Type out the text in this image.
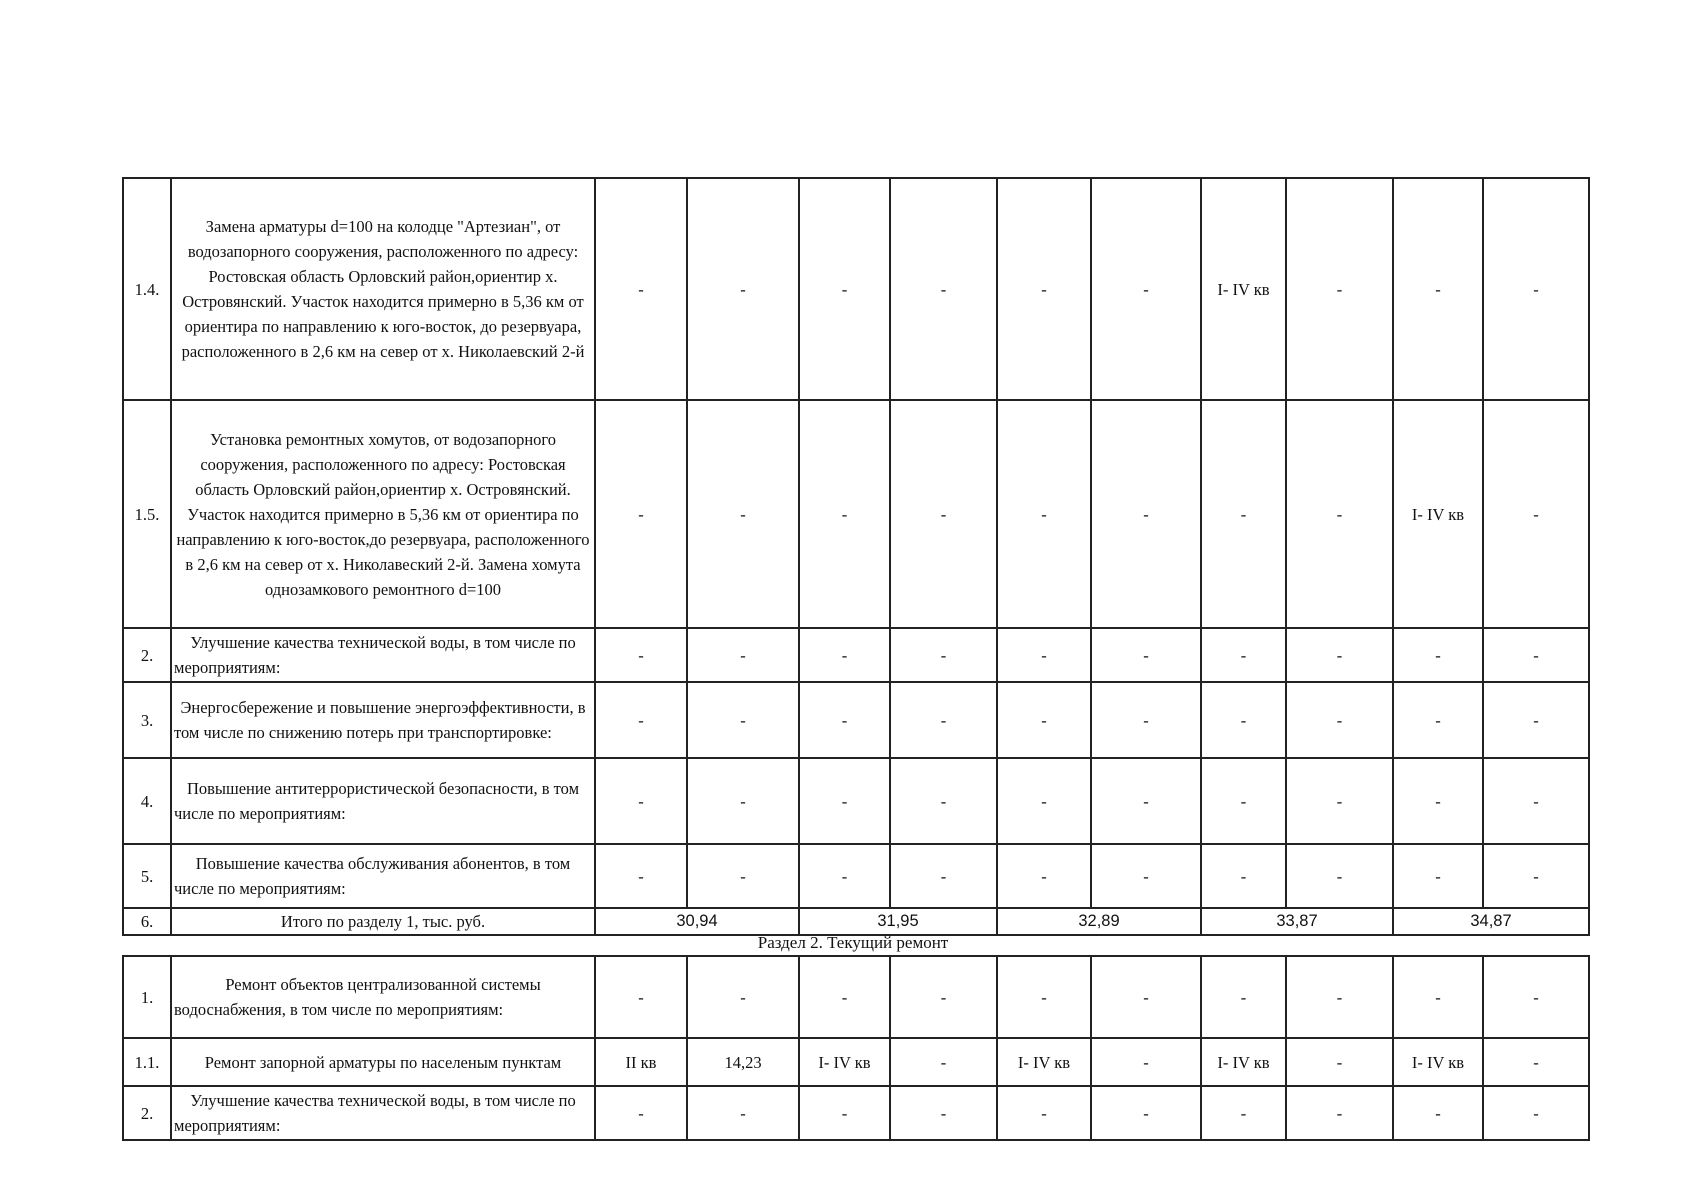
1.4.	Замена арматуры d=100 на колодце "Артезиан", от водозапорного сооружения, расположенного по адресу: Ростовская область Орловский район,ориентир х. Островянский. Участок находится примерно в 5,36 км от ориентира по направлению к юго-восток, до резервуара, расположенного в 2,6 км на север от х. Николаевский 2-й	-	-	-	-	-	-	I- IV кв	-	-	-
1.5.	Установка ремонтных хомутов, от водозапорного сооружения, расположенного по адресу: Ростовская область Орловский район,ориентир х. Островянский. Участок находится примерно в 5,36 км от ориентира по направлению к юго-восток,до резервуара, расположенного в 2,6 км на север от х. Николавеский 2-й. Замена хомута однозамкового ремонтного d=100	-	-	-	-	-	-	-	-	I- IV кв	-
2.	Улучшение качества технической воды, в том числе по мероприятиям:	-	-	-	-	-	-	-	-	-	-
3.	Энергосбережение и повышение энергоэффективности, в том числе по снижению потерь при транспортировке:	-	-	-	-	-	-	-	-	-	-
4.	Повышение антитеррористической безопасности, в том числе по мероприятиям:	-	-	-	-	-	-	-	-	-	-
5.	Повышение качества обслуживания абонентов, в том числе по мероприятиям:	-	-	-	-	-	-	-	-	-	-
6.	Итого по разделу 1, тыс. руб.	30,94		31,95		32,89		33,87		34,87	
Раздел 2. Текущий ремонт
1.	Ремонт объектов централизованной системы водоснабжения, в том числе по мероприятиям:	-	-	-	-	-	-	-	-	-	-
1.1.	Ремонт запорной арматуры по населеным пунктам	II кв	14,23	I- IV кв	-	I- IV кв	-	I- IV кв	-	I- IV кв	-
2.	Улучшение качества технической воды, в том числе по мероприятиям:	-	-	-	-	-	-	-	-	-	-
